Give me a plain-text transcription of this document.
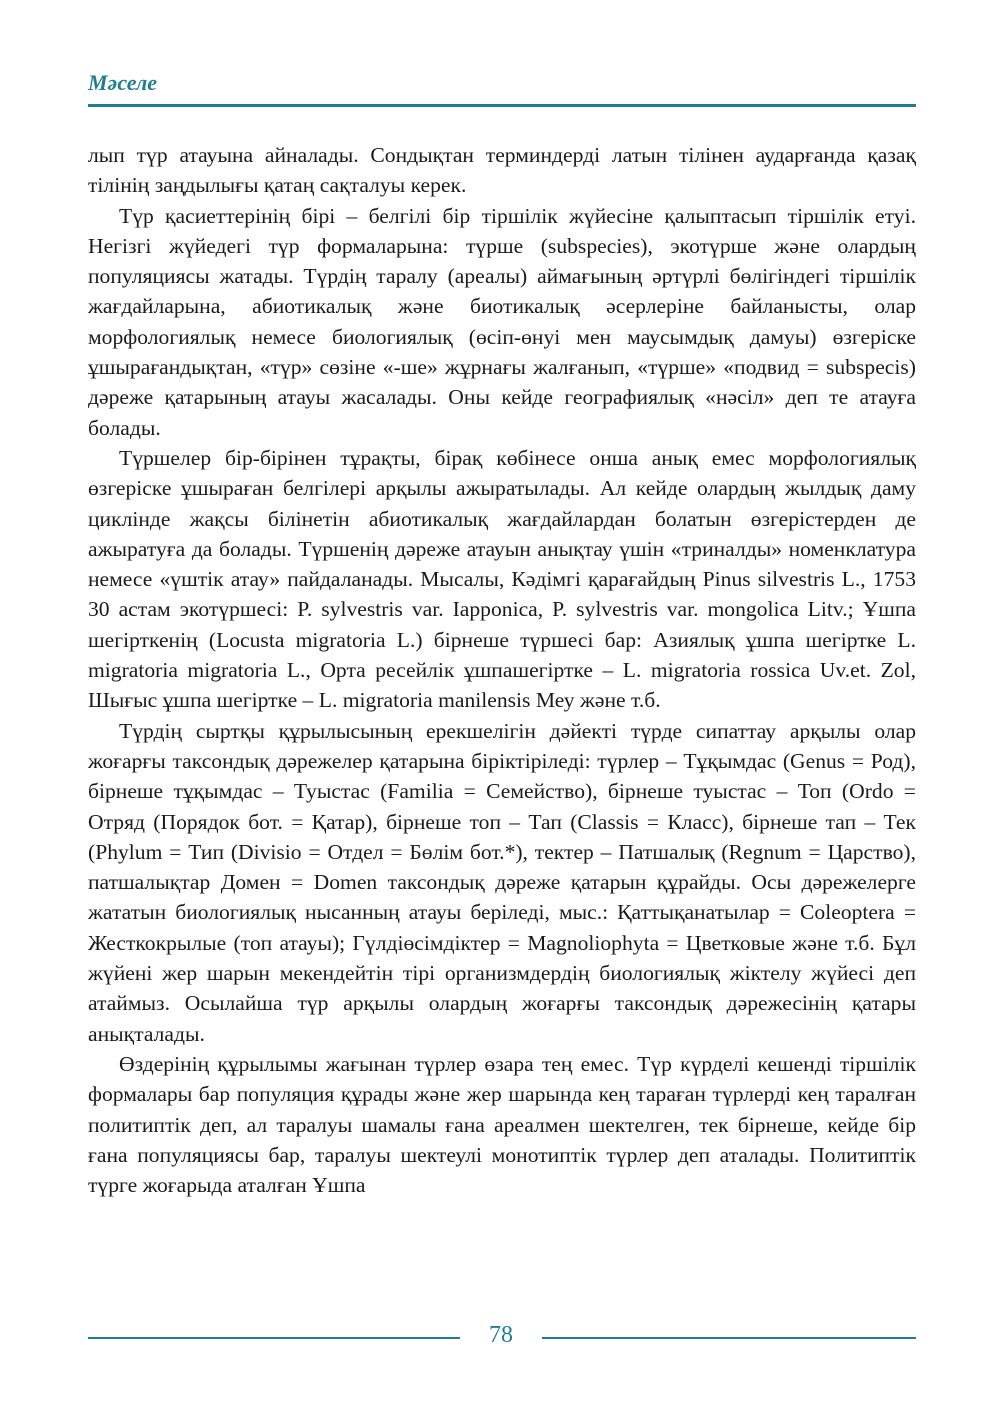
Мәселе

лып түр атауына айналады. Сондықтан терминдерді латын тілінен аударғанда қазақ тілінің заңдылығы қатаң сақталуы керек.

Түр қасиеттерінің бірі – белгілі бір тіршілік жүйесіне қалыптасып тіршілік етуі. Негізгі жүйедегі түр формаларына: түрше (subspecies), экотүрше және олардың популяциясы жатады. Түрдің таралу (ареалы) аймағының әртүрлі бөлігіндегі тіршілік жағдайларына, абиотикалық және биотикалық әсерлеріне байланысты, олар морфологиялық немесе биологиялық (өсіп-өнуі мен маусымдық дамуы) өзгеріске ұшырағандықтан, «түр» сөзіне «-ше» жұрнағы жалғанып, «түрше» «подвид = subspecis) дәреже қатарының атауы жасалады. Оны кейде географиялық «нәсіл» деп те атауға болады.

Түршелер бір-бірінен тұрақты, бірақ көбінесе онша анық емес морфологиялық өзгеріске ұшыраған белгілері арқылы ажыратылады. Ал кейде олардың жылдық даму циклінде жақсы білінетін абиотикалық жағдайлардан болатын өзгерістерден де ажыратуға да болады. Түршенің дәреже атауын анықтау үшін «триналды» номенклатура немесе «үштік атау» пайдаланады. Мысалы, Кәдімгі қарағайдың Pinus silvestris L., 1753 30 астам экотүршесі: P. sylvestris var. Iapponica, P. sylvestris var. mongolica Litv.; Ұшпа шегірткенің (Locusta migratoria L.) бірнеше түршесі бар: Азиялық ұшпа шегіртке L. migratoria migratoria L., Орта ресейлік ұшпашегіртке – L. migratoria rossica Uv.et. Zol, Шығыс ұшпа шегіртке – L. migratoria manilensis Меу және т.б.

Түрдің сыртқы құрылысының ерекшелігін дәйекті түрде сипаттау арқылы олар жоғарғы таксондық дәрежелер қатарына біріктіріледі: түрлер – Тұқымдас (Genus = Род), бірнеше тұқымдас – Туыстас (Familia = Семейство), бірнеше туыстас – Топ (Ordo = Отряд (Порядок бот. = Қатар), бірнеше топ – Тап (Classis = Класс), бірнеше тап – Тек (Phylum = Тип (Divisio = Отдел = Бөлім бот.*), тектер – Патшалық (Regnum = Царство), патшалықтар Домен = Domen таксондық дәреже қатарын құрайды. Осы дәрежелерге жататын биологиялық нысанның атауы беріледі, мыс.: Қаттықанатылар = Coleoptera = Жесткокрылые (топ атауы); Гүлдіөсімдіктер = Magnoliophyta = Цветковые және т.б. Бұл жүйені жер шарын мекендейтін тірі организмдердің биологиялық жіктелу жүйесі деп атаймыз. Осылайша түр арқылы олардың жоғарғы таксондық дәрежесінің қатары анықталады.

Өздерінің құрылымы жағынан түрлер өзара тең емес. Түр күрделі кешенді тіршілік формалары бар популяция құрады және жер шарында кең тараған түрлерді кең таралған политиптік деп, ал таралуы шамалы ғана ареалмен шектелген, тек бірнеше, кейде бір ғана популяциясы бар, таралуы шектеулі монотиптік түрлер деп аталады. Политиптік түрге жоғарыда аталған Ұшпа

78
